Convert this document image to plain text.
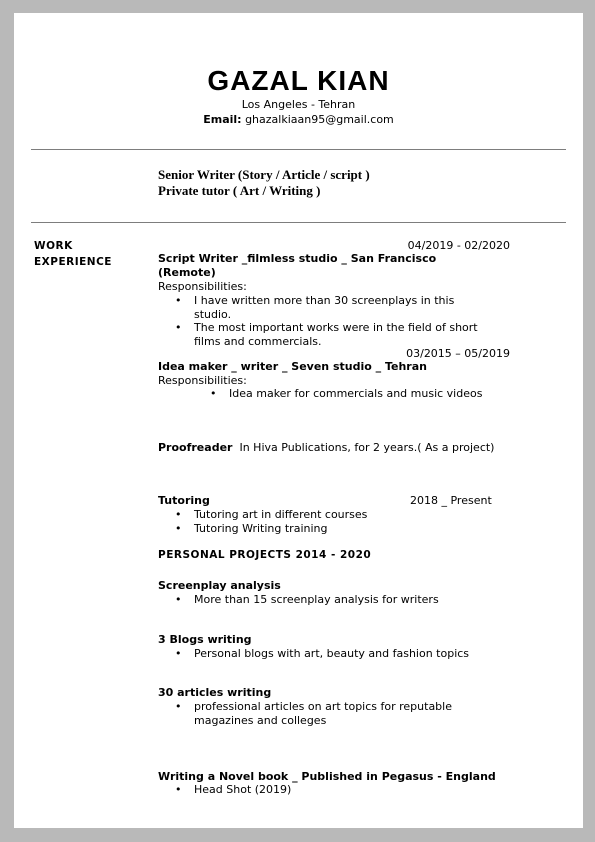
GAZAL KIAN
Los Angeles - Tehran
Email: ghazalkiaan95@gmail.com
Senior Writer (Story / Article / script )
Private tutor ( Art / Writing )
WORK
EXPERIENCE
04/2019 - 02/2020
Script Writer _filmless studio _ San Francisco (Remote)
Responsibilities:
• I have written more than 30 screenplays in this studio.
• The most important works were in the field of short films and commercials.
03/2015 – 05/2019
Idea maker _ writer _ Seven studio _ Tehran
Responsibilities:
• Idea maker for commercials and music videos
Proofreader In Hiva Publications, for 2 years.( As a project)
Tutoring	2018 _ Present
• Tutoring art in different courses
• Tutoring Writing training
PERSONAL PROJECTS 2014 - 2020
Screenplay analysis
• More than 15 screenplay analysis for writers
3 Blogs writing
• Personal blogs with art, beauty and fashion topics
30 articles writing
• professional articles on art topics for reputable magazines and colleges
Writing a Novel book _ Published in Pegasus - England
• Head Shot (2019)
